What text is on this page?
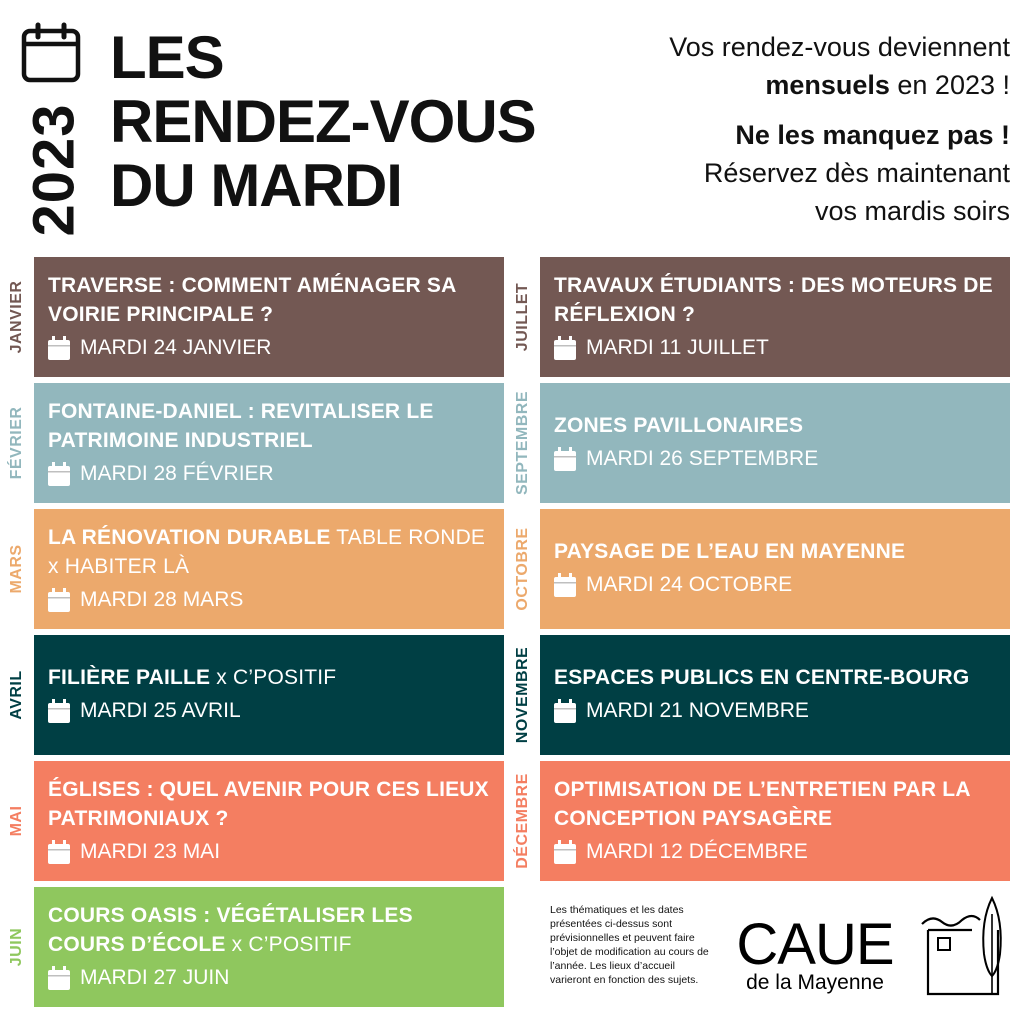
2023
LES
RENDEZ-VOUS
DU MARDI
Vos rendez-vous deviennent
mensuels en 2023 !
Ne les manquez pas !
Réservez dès maintenant
vos mardis soirs
JANVIER TRAVERSE : COMMENT AMÉNAGER SA VOIRIE PRINCIPALE ?
MARDI 24 JANVIER
FÉVRIER FONTAINE-DANIEL : REVITALISER LE PATRIMOINE INDUSTRIEL
MARDI 28 FÉVRIER
MARS
LA RÉNOVATION DURABLE TABLE RONDE x HABITER LÀ
MARDI 28 MARS
AVRIL FILIÈRE PAILLE x C’POSITIF
MARDI 25 AVRIL
MAI
ÉGLISES : QUEL AVENIR POUR CES LIEUX PATRIMONIAUX ?
MARDI 23 MAI
JUIN
COURS OASIS : VÉGÉTALISER LES COURS D’ÉCOLE x C’POSITIF
MARDI 27 JUIN
JUILLET TRAVAUX ÉTUDIANTS : DES MOTEURS DE RÉFLEXION ?
MARDI 11 JUILLET
SEPTEMBRE ZONES PAVILLONAIRES
MARDI 26 SEPTEMBRE
OCTOBRE PAYSAGE DE L’EAU EN MAYENNE
MARDI 24 OCTOBRE
NOVEMBRE ESPACES PUBLICS EN CENTRE-BOURG
MARDI 21 NOVEMBRE
DÉCEMBRE OPTIMISATION DE L’ENTRETIEN PAR LA CONCEPTION PAYSAGÈRE
MARDI 12 DÉCEMBRE
Les thématiques et les dates présentées ci-dessus sont prévisionnelles et peuvent faire l’objet de modification au cours de l’année. Les lieux d’accueil varieront en fonction des sujets.
CAUE
de la Mayenne
